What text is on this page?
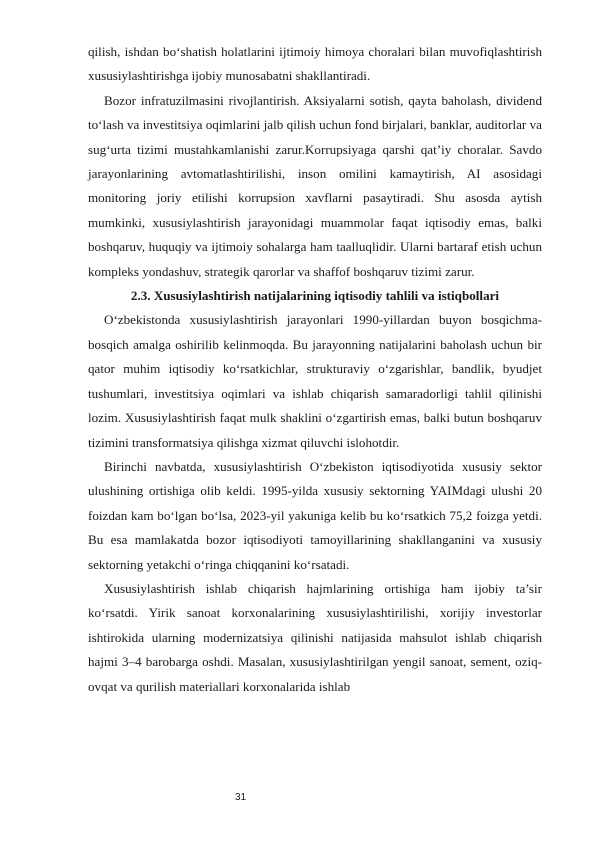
qilish, ishdan bo‘shatish holatlarini ijtimoiy himoya choralari bilan muvofiqlashtirish xususiylashtirishga ijobiy munosabatni shakllantiradi.

Bozor infratuzilmasini rivojlantirish. Aksiyalarni sotish, qayta baholash, dividend to‘lash va investitsiya oqimlarini jalb qilish uchun fond birjalari, banklar, auditorlar va sug‘urta tizimi mustahkamlanishi zarur.Korrupsiyaga qarshi qat’iy choralar. Savdo jarayonlarining avtomatlashtirilishi, inson omilini kamaytirish, AI asosidagi monitoring joriy etilishi korrupsion xavflarni pasaytiradi. Shu asosda aytish mumkinki, xususiylashtirish jarayonidagi muammolar faqat iqtisodiy emas, balki boshqaruv, huquqiy va ijtimoiy sohalarga ham taalluqlidir. Ularni bartaraf etish uchun kompleks yondashuv, strategik qarorlar va shaffof boshqaruv tizimi zarur.

2.3. Xususiylashtirish natijalarining iqtisodiy tahlili va istiqbollari

O‘zbekistonda xususiylashtirish jarayonlari 1990-yillardan buyon bosqichma-bosqich amalga oshirilib kelinmoqda. Bu jarayonning natijalarini baholash uchun bir qator muhim iqtisodiy ko‘rsatkichlar, strukturaviy o‘zgarishlar, bandlik, byudjet tushumlari, investitsiya oqimlari va ishlab chiqarish samaradorligi tahlil qilinishi lozim. Xususiylashtirish faqat mulk shaklini o‘zgartirish emas, balki butun boshqaruv tizimini transformatsiya qilishga xizmat qiluvchi islohotdir.

Birinchi navbatda, xususiylashtirish O‘zbekiston iqtisodiyotida xususiy sektor ulushining ortishiga olib keldi. 1995-yilda xususiy sektorning YAIMdagi ulushi 20 foizdan kam bo‘lgan bo‘lsa, 2023-yil yakuniga kelib bu ko‘rsatkich 75,2 foizga yetdi. Bu esa mamlakatda bozor iqtisodiyoti tamoyillarining shakllanganini va xususiy sektorning yetakchi o‘ringa chiqqanini ko‘rsatadi.

Xususiylashtirish ishlab chiqarish hajmlarining ortishiga ham ijobiy ta’sir ko‘rsatdi. Yirik sanoat korxonalarining xususiylashtirilishi, xorijiy investorlar ishtirokida ularning modernizatsiya qilinishi natijasida mahsulot ishlab chiqarish hajmi 3–4 barobarga oshdi. Masalan, xususiylashtirilgan yengil sanoat, sement, oziq-ovqat va qurilish materiallari korxonalarida ishlab

31
